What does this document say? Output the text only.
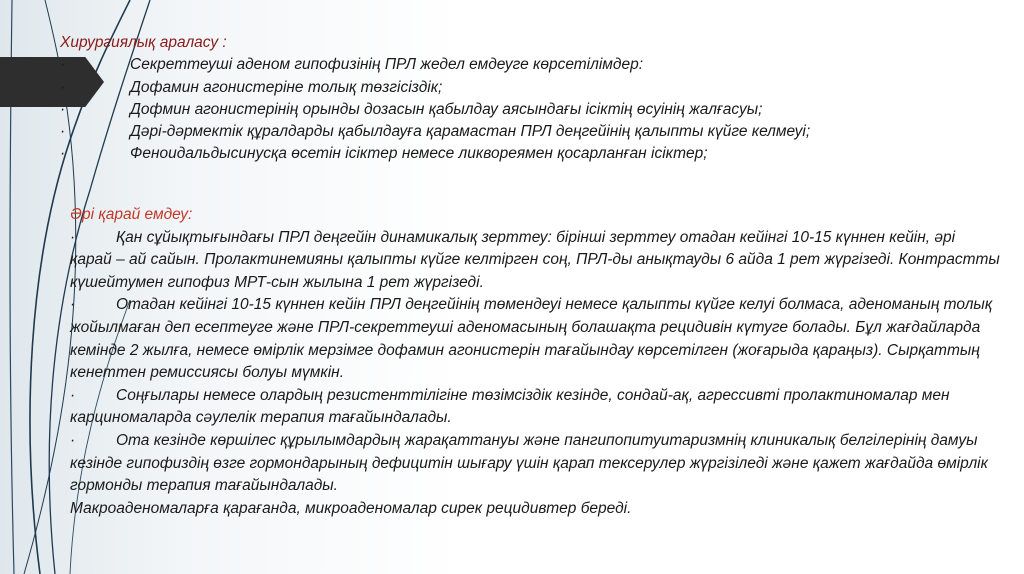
Хирургиялық араласу :
·	Секреттеуші аденом гипофизінің ПРЛ жедел емдеуге көрсетілімдер:
·	Дофамин агонистеріне толық төзгісіздік;
·	Дофмин агонистерінің орынды дозасын қабылдау аясындағы ісіктің өсуінің жалғасуы;
·	Дәрі-дәрмектік құралдарды қабылдауға қарамастан ПРЛ деңгейінің қалыпты күйге келмеуі;
·	Феноидальдысинусқа өсетін ісіктер немесе ликвореямен қосарланған ісіктер;
Әрі қарай емдеу:
·	Қан сұйықтығындағы ПРЛ деңгейін динамикалық зерттеу: бірінші зерттеу отадан кейінгі 10-15 күннен кейін, әрі қарай – ай сайын. Пролактинемияны қалыпты күйге келтірген соң, ПРЛ-ды анықтауды 6 айда 1 рет жүргізеді. Контрастты күшейтумен гипофиз МРТ-сын жылына 1 рет жүргізеді.
·	Отадан кейінгі 10-15 күннен кейін ПРЛ деңгейінің төмендеуі немесе қалыпты күйге келуі болмаса, аденоманың толық жойылмаған деп есептеуге және ПРЛ-секреттеуші аденомасының болашақта рецидивін күтуге болады. Бұл жағдайларда кемінде 2 жылға, немесе өмірлік мерзімге дофамин агонистерін тағайындау көрсетілген (жоғарыда қараңыз). Сырқаттың кенеттен ремиссиясы болуы мүмкін.
·	Соңғылары немесе олардың резистенттілігіне төзімсіздік кезінде, сондай-ақ, агрессивті пролактиномалар мен карциномаларда сәулелік терапия тағайындалады.
·	Ота кезінде көршілес құрылымдардың жарақаттануы және пангипопитуитаризмнің клиникалық белгілерінің дамуы кезінде гипофиздің өзге гормондарының дефицитін шығару үшін қарап тексерулер жүргізіледі және қажет жағдайда өмірлік гормонды терапия тағайындалады.
Макроаденомаларға қарағанда, микроаденомалар сирек рецидивтер береді.
